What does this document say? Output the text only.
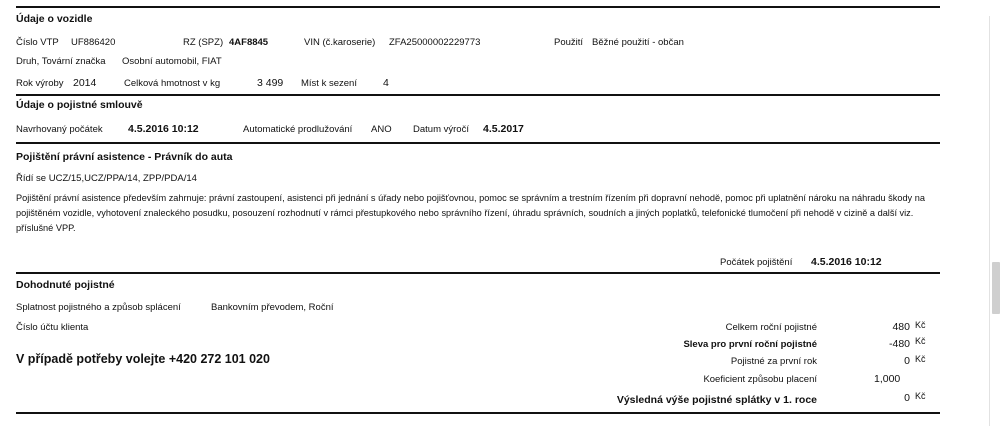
Údaje o vozidle
Číslo VTP UF886420	RZ (SPZ) 4AF8845	VIN (č.karoserie) ZFA25000002229773	Použití Běžné použití - občan
Druh, Tovární značka Osobní automobil, FIAT
Rok výroby 2014	Celková hmotnost v kg	3 499 Míst k sezení 4
Údaje o pojistné smlouvě
Navrhovaný počátek 4.5.2016 10:12	Automatické prodlužování ANO Datum výročí 4.5.2017
Pojištění právní asistence - Právník do auta
Řídí se UCZ/15,UCZ/PPA/14, ZPP/PDA/14
Pojištění právní asistence především zahrnuje: právní zastoupení, asistenci při jednání s úřady nebo pojišťovnou, pomoc se správním a trestním řízením při dopravní nehodě, pomoc při uplatnění nároku na náhradu škody na pojištěném vozidle, vyhotovení znaleckého posudku, posouzení rozhodnutí v rámci přestupkového nebo správního řízení, úhradu správních, soudních a jiných poplatků, telefonické tlumočení při nehodě v cizině a další viz. příslušné VPP.
Počátek pojištění 4.5.2016 10:12
Dohodnuté pojistné
Splatnost pojistného a způsob splácení	Bankovním převodem, Roční
Číslo účtu klienta
V případě potřeby volejte +420 272 101 020
Celkem roční pojistné	480 Kč
Sleva pro první roční pojistné	-480 Kč
Pojistné za první rok	0 Kč
Koeficient způsobu placení	1,000
Výsledná výše pojistné splátky v 1. roce	0 Kč
